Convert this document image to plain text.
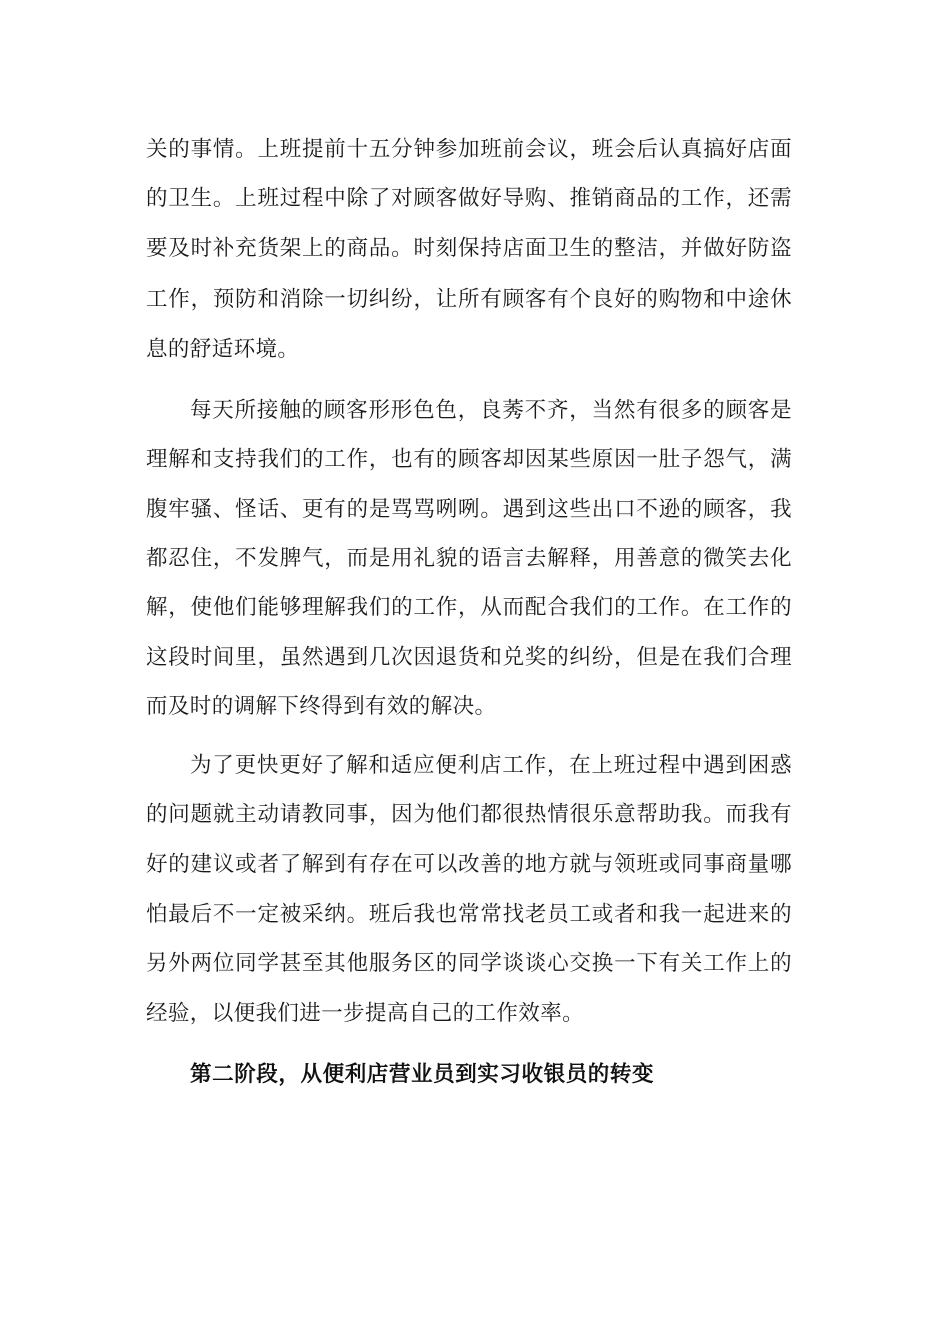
关的事情。上班提前十五分钟参加班前会议，班会后认真搞好店面
的卫生。上班过程中除了对顾客做好导购、推销商品的工作，还需
要及时补充货架上的商品。时刻保持店面卫生的整洁，并做好防盗
工作，预防和消除一切纠纷，让所有顾客有个良好的购物和中途休
息的舒适环境。
每天所接触的顾客形形色色，良莠不齐，当然有很多的顾客是
理解和支持我们的工作，也有的顾客却因某些原因一肚子怨气，满
腹牢骚、怪话、更有的是骂骂咧咧。遇到这些出口不逊的顾客，我
都忍住，不发脾气，而是用礼貌的语言去解释，用善意的微笑去化
解，使他们能够理解我们的工作，从而配合我们的工作。在工作的
这段时间里，虽然遇到几次因退货和兑奖的纠纷，但是在我们合理
而及时的调解下终得到有效的解决。
为了更快更好了解和适应便利店工作，在上班过程中遇到困惑
的问题就主动请教同事，因为他们都很热情很乐意帮助我。而我有
好的建议或者了解到有存在可以改善的地方就与领班或同事商量哪
怕最后不一定被采纳。班后我也常常找老员工或者和我一起进来的
另外两位同学甚至其他服务区的同学谈谈心交换一下有关工作上的
经验，以便我们进一步提高自己的工作效率。
第二阶段，从便利店营业员到实习收银员的转变
